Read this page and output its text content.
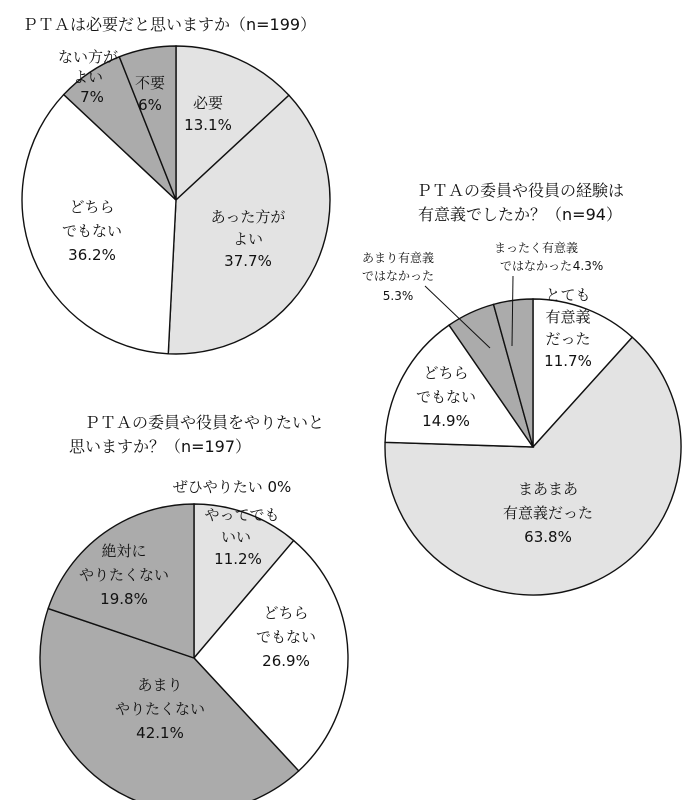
ＰＴＡは必要だと思いますか（n=199）
必要
13.1%
あった方が
よい
37.7%
どちら
でもない
36.2%
ない方が
よい
7%
不要
6%
ＰＴＡの委員や役員の経験は
有意義でしたか？（n=94）
とても
有意義
だった
11.7%
まあまあ
有意義だった
63.8%
どちら
でもない
14.9%
あまり有意義
ではなかった
5.3%
まったく有意義
ではなかった 4.3%
ＰＴＡの委員や役員をやりたいと
思いますか？（n=197）
ぜひやりたい 0%
やってでも
いい
11.2%
どちら
でもない
26.9%
あまり
やりたくない
42.1%
絶対に
やりたくない
19.8%
